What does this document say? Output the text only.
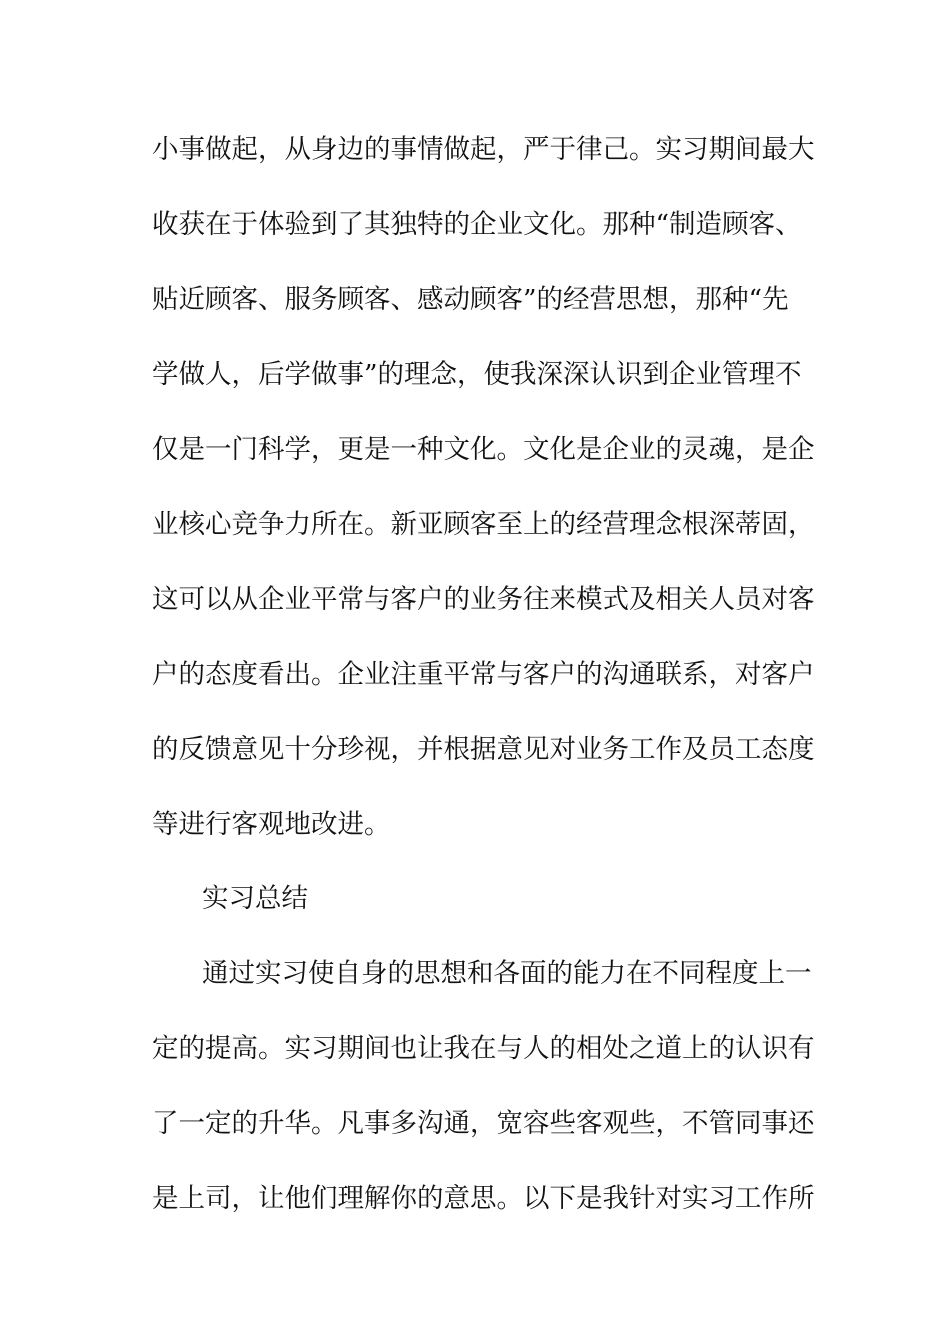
小事做起，从身边的事情做起，严于律己。实习期间最大
收获在于体验到了其独特的企业文化。那种“制造顾客、
贴近顾客、服务顾客、感动顾客”的经营思想，那种“先
学做人，后学做事”的理念，使我深深认识到企业管理不
仅是一门科学，更是一种文化。文化是企业的灵魂，是企
业核心竞争力所在。新亚顾客至上的经营理念根深蒂固，
这可以从企业平常与客户的业务往来模式及相关人员对客
户的态度看出。企业注重平常与客户的沟通联系，对客户
的反馈意见十分珍视，并根据意见对业务工作及员工态度
等进行客观地改进。
实习总结
通过实习使自身的思想和各面的能力在不同程度上一
定的提高。实习期间也让我在与人的相处之道上的认识有
了一定的升华。凡事多沟通，宽容些客观些，不管同事还
是上司，让他们理解你的意思。以下是我针对实习工作所
